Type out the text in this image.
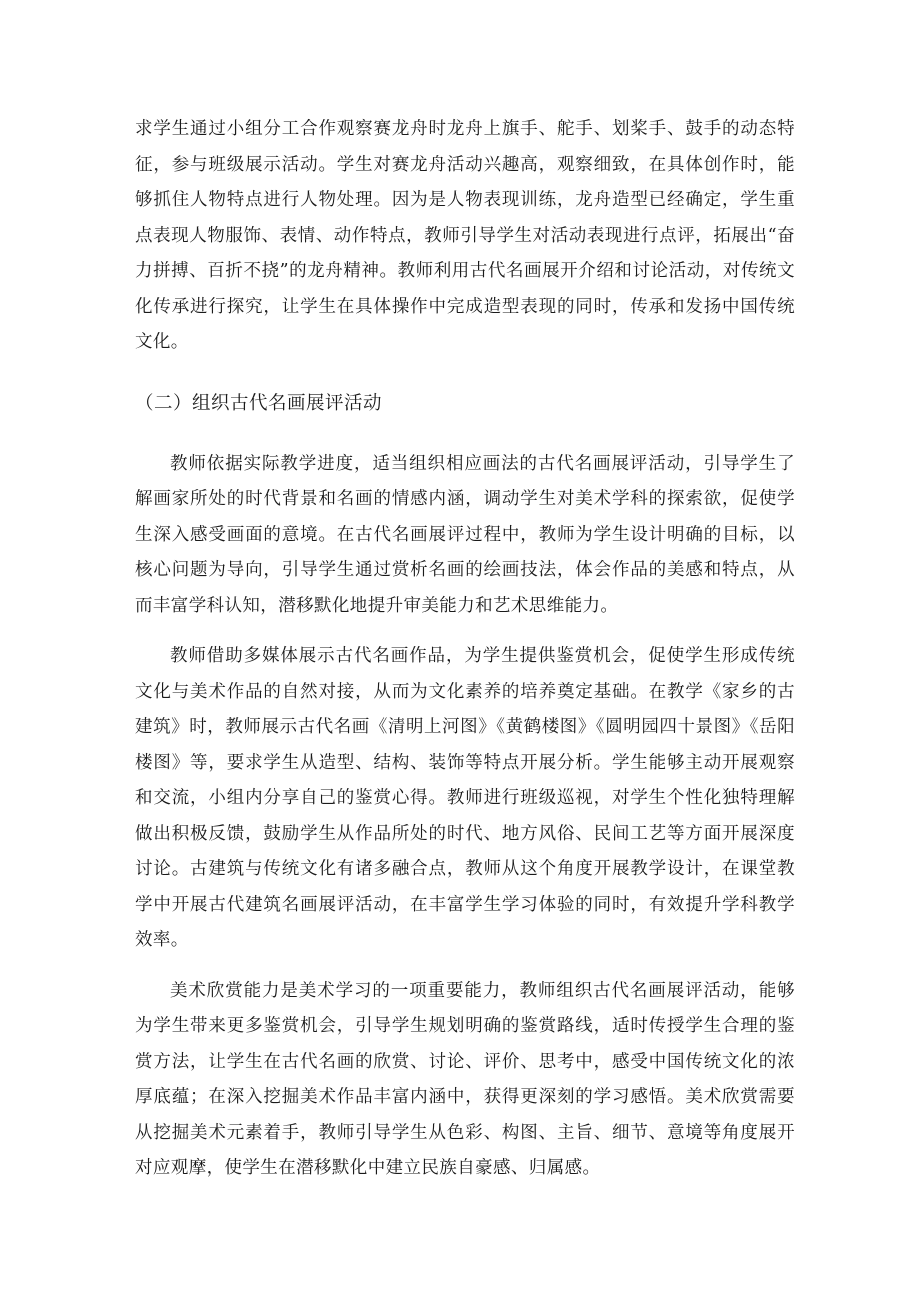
求学生通过小组分工合作观察赛龙舟时龙舟上旗手、舵手、划桨手、鼓手的动态特征，参与班级展示活动。学生对赛龙舟活动兴趣高，观察细致，在具体创作时，能够抓住人物特点进行人物处理。因为是人物表现训练，龙舟造型已经确定，学生重点表现人物服饰、表情、动作特点，教师引导学生对活动表现进行点评，拓展出“奋力拼搏、百折不挠”的龙舟精神。教师利用古代名画展开介绍和讨论活动，对传统文化传承进行探究，让学生在具体操作中完成造型表现的同时，传承和发扬中国传统文化。

（二）组织古代名画展评活动

教师依据实际教学进度，适当组织相应画法的古代名画展评活动，引导学生了解画家所处的时代背景和名画的情感内涵，调动学生对美术学科的探索欲，促使学生深入感受画面的意境。在古代名画展评过程中，教师为学生设计明确的目标，以核心问题为导向，引导学生通过赏析名画的绘画技法，体会作品的美感和特点，从而丰富学科认知，潜移默化地提升审美能力和艺术思维能力。

教师借助多媒体展示古代名画作品，为学生提供鉴赏机会，促使学生形成传统文化与美术作品的自然对接，从而为文化素养的培养奠定基础。在教学《家乡的古建筑》时，教师展示古代名画《清明上河图》《黄鹤楼图》《圆明园四十景图》《岳阳楼图》等，要求学生从造型、结构、装饰等特点开展分析。学生能够主动开展观察和交流，小组内分享自己的鉴赏心得。教师进行班级巡视，对学生个性化独特理解做出积极反馈，鼓励学生从作品所处的时代、地方风俗、民间工艺等方面开展深度讨论。古建筑与传统文化有诸多融合点，教师从这个角度开展教学设计，在课堂教学中开展古代建筑名画展评活动，在丰富学生学习体验的同时，有效提升学科教学效率。

美术欣赏能力是美术学习的一项重要能力，教师组织古代名画展评活动，能够为学生带来更多鉴赏机会，引导学生规划明确的鉴赏路线，适时传授学生合理的鉴赏方法，让学生在古代名画的欣赏、讨论、评价、思考中，感受中国传统文化的浓厚底蕴；在深入挖掘美术作品丰富内涵中，获得更深刻的学习感悟。美术欣赏需要从挖掘美术元素着手，教师引导学生从色彩、构图、主旨、细节、意境等角度展开对应观摩，使学生在潜移默化中建立民族自豪感、归属感。
